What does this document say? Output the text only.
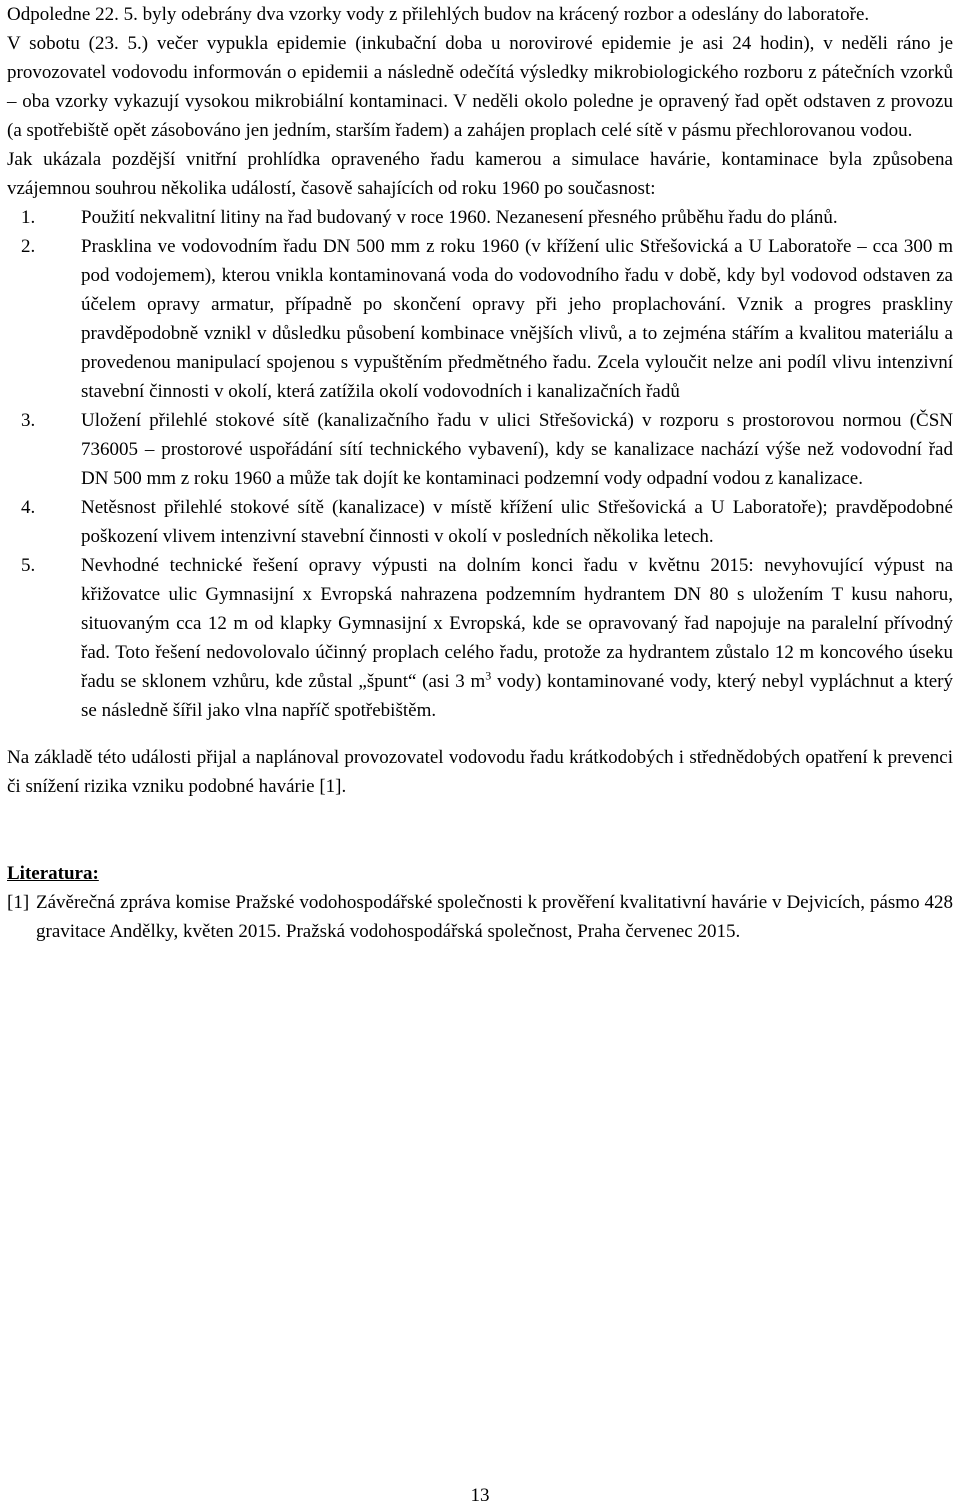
Odpoledne 22. 5. byly odebrány dva vzorky vody z přilehlých budov na krácený rozbor a odeslány do laboratoře.

V sobotu (23. 5.) večer vypukla epidemie (inkubační doba u norovirové epidemie je asi 24 hodin), v neděli ráno je provozovatel vodovodu informován o epidemii a následně odečítá výsledky mikrobiologického rozboru z pátečních vzorků – oba vzorky vykazují vysokou mikrobiální kontaminaci. V neděli okolo poledne je opravený řad opět odstaven z provozu (a spotřebiště opět zásobováno jen jedním, starším řadem) a zahájen proplach celé sítě v pásmu přechlorovanou vodou.

Jak ukázala pozdější vnitřní prohlídka opraveného řadu kamerou a simulace havárie, kontaminace byla způsobena vzájemnou souhrou několika událostí, časově sahajících od roku 1960 po současnost:

1. Použití nekvalitní litiny na řad budovaný v roce 1960. Nezanesení přesného průběhu řadu do plánů.
2. Prasklina ve vodovodním řadu DN 500 mm z roku 1960 (v křížení ulic Střešovická a U Laboratoře – cca 300 m pod vodojemem), kterou vnikla kontaminovaná voda do vodovodního řadu v době, kdy byl vodovod odstaven za účelem opravy armatur, případně po skončení opravy při jeho proplachování. Vznik a progres praskliny pravděpodobně vznikl v důsledku působení kombinace vnějších vlivů, a to zejména stářím a kvalitou materiálu a provedenou manipulací spojenou s vypuštěním předmětného řadu. Zcela vyloučit nelze ani podíl vlivu intenzivní stavební činnosti v okolí, která zatížila okolí vodovodních i kanalizačních řadů
3. Uložení přilehlé stokové sítě (kanalizačního řadu v ulici Střešovická) v rozporu s prostorovou normou (ČSN 736005 – prostorové uspořádání sítí technického vybavení), kdy se kanalizace nachází výše než vodovodní řad DN 500 mm z roku 1960 a může tak dojít ke kontaminaci podzemní vody odpadní vodou z kanalizace.
4. Netěsnost přilehlé stokové sítě (kanalizace) v místě křížení ulic Střešovická a U Laboratoře); pravděpodobné poškození vlivem intenzivní stavební činnosti v okolí v posledních několika letech.
5. Nevhodné technické řešení opravy výpusti na dolním konci řadu v květnu 2015: nevyhovující výpust na křižovatce ulic Gymnasijní x Evropská nahrazena podzemním hydrantem DN 80 s uložením T kusu nahoru, situovaným cca 12 m od klapky Gymnasijní x Evropská, kde se opravovaný řad napojuje na paralelní přívodný řad. Toto řešení nedovolovalo účinný proplach celého řadu, protože za hydrantem zůstalo 12 m koncového úseku řadu se sklonem vzhůru, kde zůstal „špunt“ (asi 3 $m^3$ vody) kontaminované vody, který nebyl vypláchnut a který se následně šířil jako vlna napříč spotřebištěm.

Na základě této události přijal a naplánoval provozovatel vodovodu řadu krátkodobých i střednědobých opatření k prevenci či snížení rizika vzniku podobné havárie [1].

Literatura:

[1] Závěrečná zpráva komise Pražské vodohospodářské společnosti k prověření kvalitativní havárie v Dejvicích, pásmo 428 gravitace Andělky, květen 2015. Pražská vodohospodářská společnost, Praha červenec 2015.
13
